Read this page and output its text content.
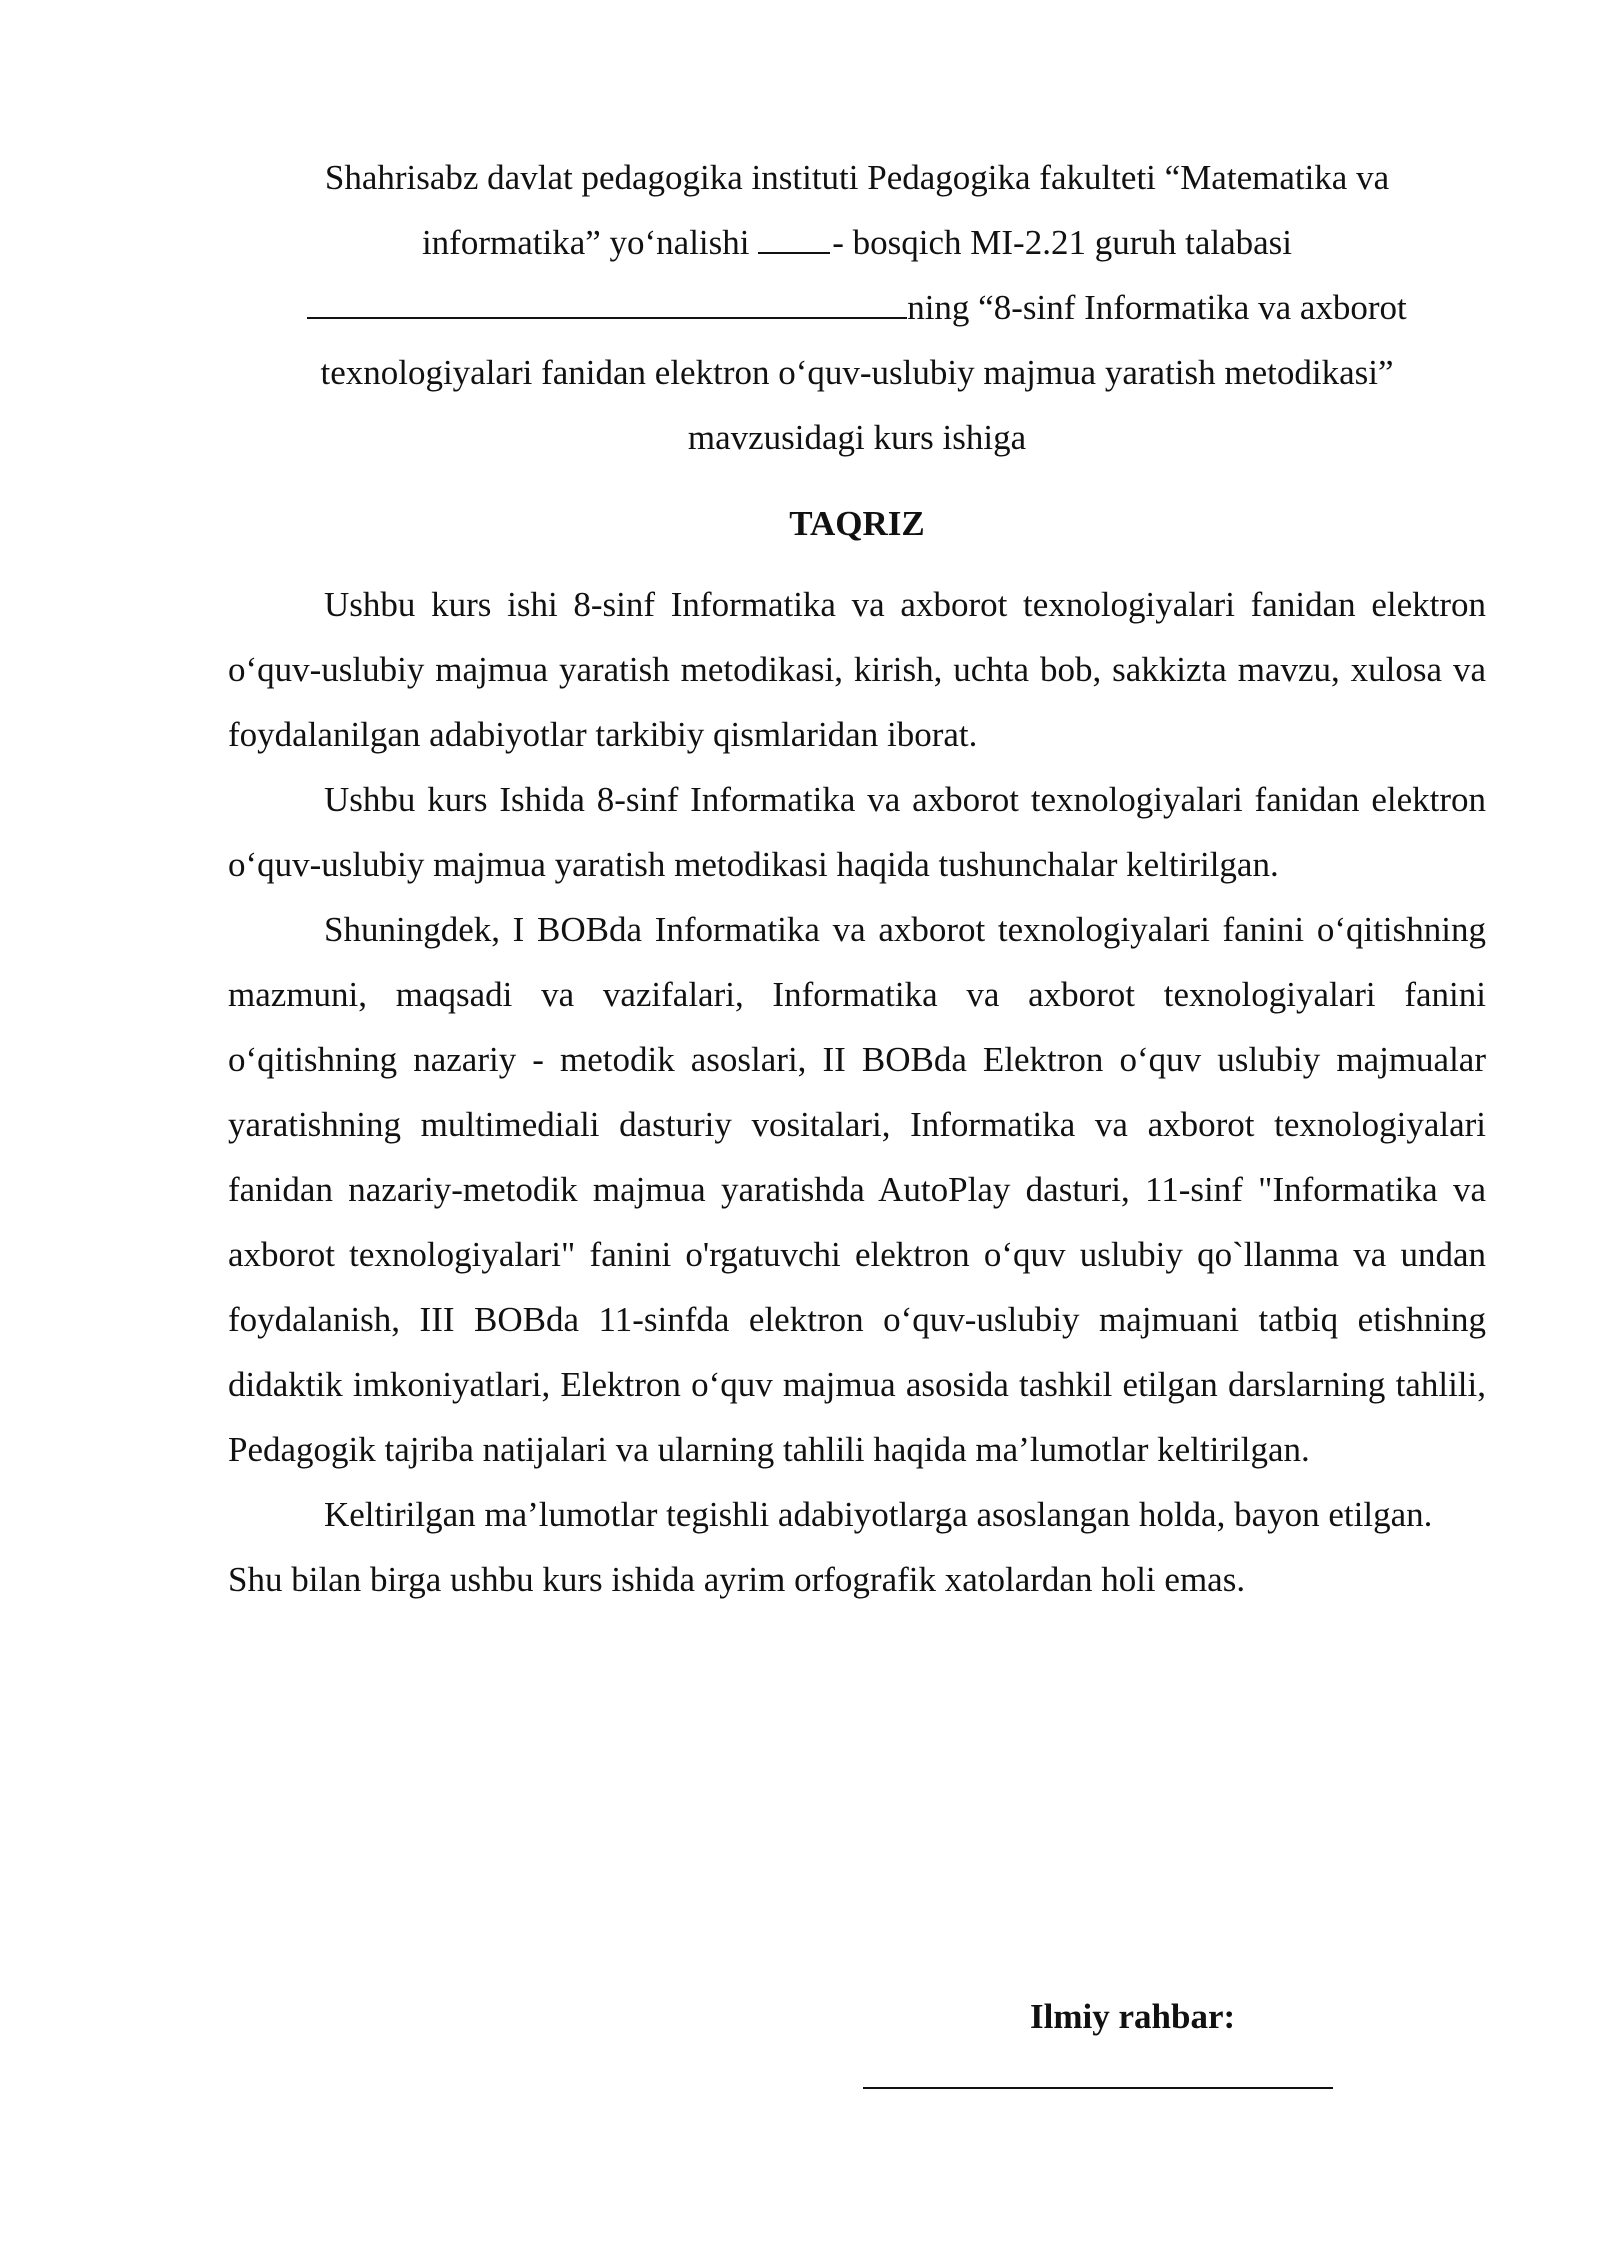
Shahrisabz davlat pedagogika instituti Pedagogika fakulteti “Matematika va

informatika” yo‘nalishi - bosqich MI-2.21 guruh talabasi

ning “8-sinf Informatika va axborot

texnologiyalari fanidan elektron o‘quv-uslubiy majmua yaratish metodikasi”

mavzusidagi kurs ishiga

TAQRIZ

Ushbu kurs ishi 8-sinf Informatika va axborot texnologiyalari fanidan elektron o‘quv-uslubiy majmua yaratish metodikasi, kirish, uchta bob, sakkizta mavzu, xulosa va foydalanilgan adabiyotlar tarkibiy qismlaridan iborat.

Ushbu kurs Ishida 8-sinf Informatika va axborot texnologiyalari fanidan elektron o‘quv-uslubiy majmua yaratish metodikasi haqida tushunchalar keltirilgan.

Shuningdek, I BOBda Informatika va axborot texnologiyalari fanini o‘qitishning mazmuni, maqsadi va vazifalari, Informatika va axborot texnologiyalari fanini o‘qitishning nazariy - metodik asoslari, II BOBda Elektron o‘quv uslubiy majmualar yaratishning multimediali dasturiy vositalari, Informatika va axborot texnologiyalari fanidan nazariy-metodik majmua yaratishda AutoPlay dasturi, 11-sinf "Informatika va axborot texnologiyalari" fanini o'rgatuvchi elektron o‘quv uslubiy qo`llanma va undan foydalanish, III BOBda 11-sinfda elektron o‘quv-uslubiy majmuani tatbiq etishning didaktik imkoniyatlari, Elektron o‘quv majmua asosida tashkil etilgan darslarning tahlili, Pedagogik tajriba natijalari va ularning tahlili haqida ma’lumotlar keltirilgan.

Keltirilgan ma’lumotlar tegishli adabiyotlarga asoslangan holda, bayon etilgan. Shu bilan birga ushbu kurs ishida ayrim orfografik xatolardan holi emas.

Ilmiy rahbar:
